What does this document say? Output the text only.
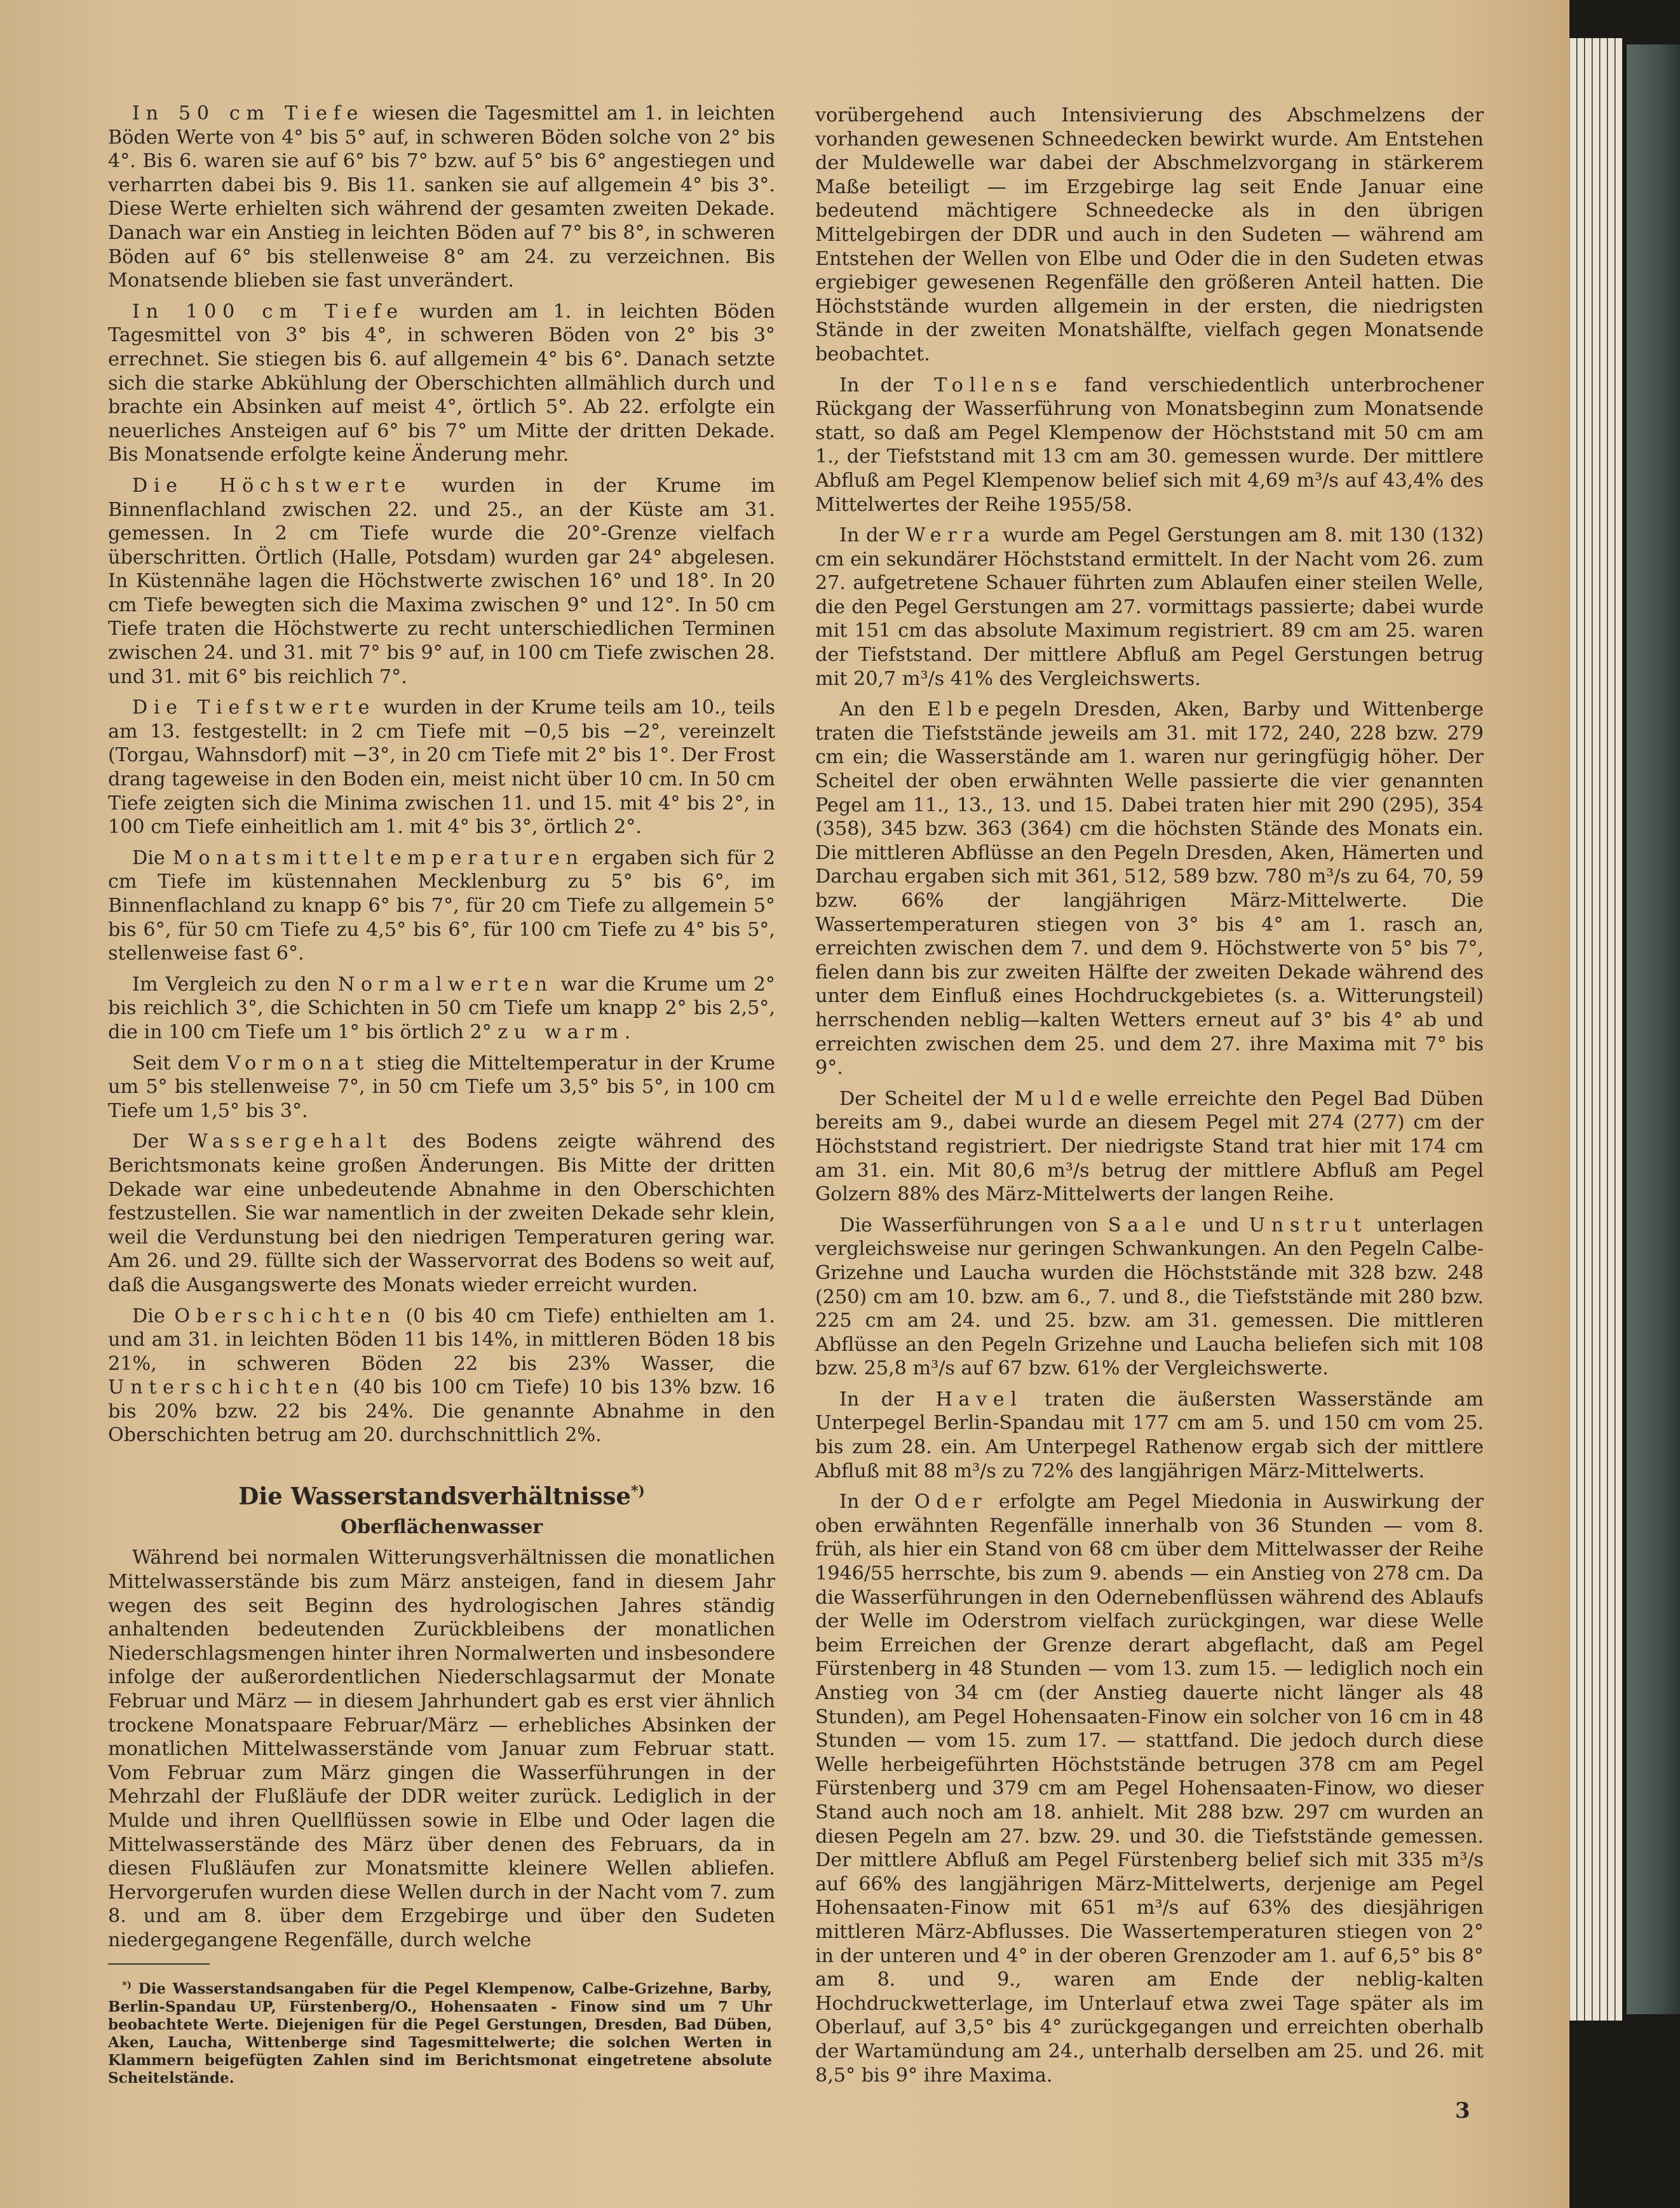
In 50 cm Tiefe wiesen die Tagesmittel am 1. in leichten Böden Werte von 4° bis 5° auf, in schweren Böden solche von 2° bis 4°. Bis 6. waren sie auf 6° bis 7° bzw. auf 5° bis 6° angestiegen und verharrten dabei bis 9. Bis 11. sanken sie auf allgemein 4° bis 3°. Diese Werte erhielten sich während der gesamten zweiten Dekade. Danach war ein Anstieg in leichten Böden auf 7° bis 8°, in schweren Böden auf 6° bis stellenweise 8° am 24. zu verzeichnen. Bis Monatsende blieben sie fast unverändert.

In 100 cm Tiefe wurden am 1. in leichten Böden Tagesmittel von 3° bis 4°, in schweren Böden von 2° bis 3° errechnet. Sie stiegen bis 6. auf allgemein 4° bis 6°. Danach setzte sich die starke Abkühlung der Oberschichten allmählich durch und brachte ein Absinken auf meist 4°, örtlich 5°. Ab 22. erfolgte ein neuerliches Ansteigen auf 6° bis 7° um Mitte der dritten Dekade. Bis Monatsende erfolgte keine Änderung mehr.

Die Höchstwerte wurden in der Krume im Binnenflachland zwischen 22. und 25., an der Küste am 31. gemessen. In 2 cm Tiefe wurde die 20°-Grenze vielfach überschritten. Örtlich (Halle, Potsdam) wurden gar 24° abgelesen. In Küstennähe lagen die Höchstwerte zwischen 16° und 18°. In 20 cm Tiefe bewegten sich die Maxima zwischen 9° und 12°. In 50 cm Tiefe traten die Höchstwerte zu recht unterschiedlichen Terminen zwischen 24. und 31. mit 7° bis 9° auf, in 100 cm Tiefe zwischen 28. und 31. mit 6° bis reichlich 7°.

Die Tiefstwerte wurden in der Krume teils am 10., teils am 13. festgestellt: in 2 cm Tiefe mit −0,5 bis −2°, vereinzelt (Torgau, Wahnsdorf) mit −3°, in 20 cm Tiefe mit 2° bis 1°. Der Frost drang tageweise in den Boden ein, meist nicht über 10 cm. In 50 cm Tiefe zeigten sich die Minima zwischen 11. und 15. mit 4° bis 2°, in 100 cm Tiefe einheitlich am 1. mit 4° bis 3°, örtlich 2°.

Die Monatsmitteltemperaturen ergaben sich für 2 cm Tiefe im küstennahen Mecklenburg zu 5° bis 6°, im Binnenflachland zu knapp 6° bis 7°, für 20 cm Tiefe zu allgemein 5° bis 6°, für 50 cm Tiefe zu 4,5° bis 6°, für 100 cm Tiefe zu 4° bis 5°, stellenweise fast 6°.

Im Vergleich zu den Normalwerten war die Krume um 2° bis reichlich 3°, die Schichten in 50 cm Tiefe um knapp 2° bis 2,5°, die in 100 cm Tiefe um 1° bis örtlich 2° zu warm.

Seit dem Vormonat stieg die Mitteltemperatur in der Krume um 5° bis stellenweise 7°, in 50 cm Tiefe um 3,5° bis 5°, in 100 cm Tiefe um 1,5° bis 3°.

Der Wassergehalt des Bodens zeigte während des Berichtsmonats keine großen Änderungen. Bis Mitte der dritten Dekade war eine unbedeutende Abnahme in den Oberschichten festzustellen. Sie war namentlich in der zweiten Dekade sehr klein, weil die Verdunstung bei den niedrigen Temperaturen gering war. Am 26. und 29. füllte sich der Wasservorrat des Bodens so weit auf, daß die Ausgangswerte des Monats wieder erreicht wurden.

Die Oberschichten (0 bis 40 cm Tiefe) enthielten am 1. und am 31. in leichten Böden 11 bis 14%, in mittleren Böden 18 bis 21%, in schweren Böden 22 bis 23% Wasser, die Unterschichten (40 bis 100 cm Tiefe) 10 bis 13% bzw. 16 bis 20% bzw. 22 bis 24%. Die genannte Abnahme in den Oberschichten betrug am 20. durchschnittlich 2%.

Die Wasserstandsverhältnisse*)
Oberflächenwasser

Während bei normalen Witterungsverhältnissen die monatlichen Mittelwasserstände bis zum März ansteigen, fand in diesem Jahr wegen des seit Beginn des hydrologischen Jahres ständig anhaltenden bedeutenden Zurückbleibens der monatlichen Niederschlagsmengen hinter ihren Normalwerten und insbesondere infolge der außerordentlichen Niederschlagsarmut der Monate Februar und März — in diesem Jahrhundert gab es erst vier ähnlich trockene Monatspaare Februar/März — erhebliches Absinken der monatlichen Mittelwasserstände vom Januar zum Februar statt. Vom Februar zum März gingen die Wasserführungen in der Mehrzahl der Flußläufe der DDR weiter zurück. Lediglich in der Mulde und ihren Quellflüssen sowie in Elbe und Oder lagen die Mittelwasserstände des März über denen des Februars, da in diesen Flußläufen zur Monatsmitte kleinere Wellen abliefen. Hervorgerufen wurden diese Wellen durch in der Nacht vom 7. zum 8. und am 8. über dem Erzgebirge und über den Sudeten niedergegangene Regenfälle, durch welche

vorübergehend auch Intensivierung des Abschmelzens der vorhanden gewesenen Schneedecken bewirkt wurde. Am Entstehen der Muldewelle war dabei der Abschmelzvorgang in stärkerem Maße beteiligt — im Erzgebirge lag seit Ende Januar eine bedeutend mächtigere Schneedecke als in den übrigen Mittelgebirgen der DDR und auch in den Sudeten — während am Entstehen der Wellen von Elbe und Oder die in den Sudeten etwas ergiebiger gewesenen Regenfälle den größeren Anteil hatten. Die Höchststände wurden allgemein in der ersten, die niedrigsten Stände in der zweiten Monatshälfte, vielfach gegen Monatsende beobachtet.

In der Tollense fand verschiedentlich unterbrochener Rückgang der Wasserführung von Monatsbeginn zum Monatsende statt, so daß am Pegel Klempenow der Höchststand mit 50 cm am 1., der Tiefststand mit 13 cm am 30. gemessen wurde. Der mittlere Abfluß am Pegel Klempenow belief sich mit 4,69 m³/s auf 43,4% des Mittelwertes der Reihe 1955/58.

In der Werra wurde am Pegel Gerstungen am 8. mit 130 (132) cm ein sekundärer Höchststand ermittelt. In der Nacht vom 26. zum 27. aufgetretene Schauer führten zum Ablaufen einer steilen Welle, die den Pegel Gerstungen am 27. vormittags passierte; dabei wurde mit 151 cm das absolute Maximum registriert. 89 cm am 25. waren der Tiefststand. Der mittlere Abfluß am Pegel Gerstungen betrug mit 20,7 m³/s 41% des Vergleichswerts.

An den Elbepegeln Dresden, Aken, Barby und Wittenberge traten die Tiefststände jeweils am 31. mit 172, 240, 228 bzw. 279 cm ein; die Wasserstände am 1. waren nur geringfügig höher. Der Scheitel der oben erwähnten Welle passierte die vier genannten Pegel am 11., 13., 13. und 15. Dabei traten hier mit 290 (295), 354 (358), 345 bzw. 363 (364) cm die höchsten Stände des Monats ein. Die mittleren Abflüsse an den Pegeln Dresden, Aken, Hämerten und Darchau ergaben sich mit 361, 512, 589 bzw. 780 m³/s zu 64, 70, 59 bzw. 66% der langjährigen März-Mittelwerte. Die Wassertemperaturen stiegen von 3° bis 4° am 1. rasch an, erreichten zwischen dem 7. und dem 9. Höchstwerte von 5° bis 7°, fielen dann bis zur zweiten Hälfte der zweiten Dekade während des unter dem Einfluß eines Hochdruckgebietes (s. a. Witterungsteil) herrschenden neblig—kalten Wetters erneut auf 3° bis 4° ab und erreichten zwischen dem 25. und dem 27. ihre Maxima mit 7° bis 9°.

Der Scheitel der Muldewelle erreichte den Pegel Bad Düben bereits am 9., dabei wurde an diesem Pegel mit 274 (277) cm der Höchststand registriert. Der niedrigste Stand trat hier mit 174 cm am 31. ein. Mit 80,6 m³/s betrug der mittlere Abfluß am Pegel Golzern 88% des März-Mittelwerts der langen Reihe.

Die Wasserführungen von Saale und Unstrut unterlagen vergleichsweise nur geringen Schwankungen. An den Pegeln Calbe-Grizehne und Laucha wurden die Höchststände mit 328 bzw. 248 (250) cm am 10. bzw. am 6., 7. und 8., die Tiefststände mit 280 bzw. 225 cm am 24. und 25. bzw. am 31. gemessen. Die mittleren Abflüsse an den Pegeln Grizehne und Laucha beliefen sich mit 108 bzw. 25,8 m³/s auf 67 bzw. 61% der Vergleichswerte.

In der Havel traten die äußersten Wasserstände am Unterpegel Berlin-Spandau mit 177 cm am 5. und 150 cm vom 25. bis zum 28. ein. Am Unterpegel Rathenow ergab sich der mittlere Abfluß mit 88 m³/s zu 72% des langjährigen März-Mittelwerts.

In der Oder erfolgte am Pegel Miedonia in Auswirkung der oben erwähnten Regenfälle innerhalb von 36 Stunden — vom 8. früh, als hier ein Stand von 68 cm über dem Mittelwasser der Reihe 1946/55 herrschte, bis zum 9. abends — ein Anstieg von 278 cm. Da die Wasserführungen in den Odernebenflüssen während des Ablaufs der Welle im Oderstrom vielfach zurückgingen, war diese Welle beim Erreichen der Grenze derart abgeflacht, daß am Pegel Fürstenberg in 48 Stunden — vom 13. zum 15. — lediglich noch ein Anstieg von 34 cm (der Anstieg dauerte nicht länger als 48 Stunden), am Pegel Hohensaaten-Finow ein solcher von 16 cm in 48 Stunden — vom 15. zum 17. — stattfand. Die jedoch durch diese Welle herbeigeführten Höchststände betrugen 378 cm am Pegel Fürstenberg und 379 cm am Pegel Hohensaaten-Finow, wo dieser Stand auch noch am 18. anhielt. Mit 288 bzw. 297 cm wurden an diesen Pegeln am 27. bzw. 29. und 30. die Tiefststände gemessen. Der mittlere Abfluß am Pegel Fürstenberg belief sich mit 335 m³/s auf 66% des langjährigen März-Mittelwerts, derjenige am Pegel Hohensaaten-Finow mit 651 m³/s auf 63% des diesjährigen mittleren März-Abflusses. Die Wassertemperaturen stiegen von 2° in der unteren und 4° in der oberen Grenzoder am 1. auf 6,5° bis 8° am 8. und 9., waren am Ende der neblig-kalten Hochdruckwetterlage, im Unterlauf etwa zwei Tage später als im Oberlauf, auf 3,5° bis 4° zurückgegangen und erreichten oberhalb der Wartamündung am 24., unterhalb derselben am 25. und 26. mit 8,5° bis 9° ihre Maxima.

*) Die Wasserstandsangaben für die Pegel Klempenow, Calbe-Grizehne, Barby, Berlin-Spandau UP, Fürstenberg/O., Hohensaaten - Finow sind um 7 Uhr beobachtete Werte. Diejenigen für die Pegel Gerstungen, Dresden, Bad Düben, Aken, Laucha, Wittenberge sind Tagesmittelwerte; die solchen Werten in Klammern beigefügten Zahlen sind im Berichtsmonat eingetretene absolute Scheitelstände.
3
